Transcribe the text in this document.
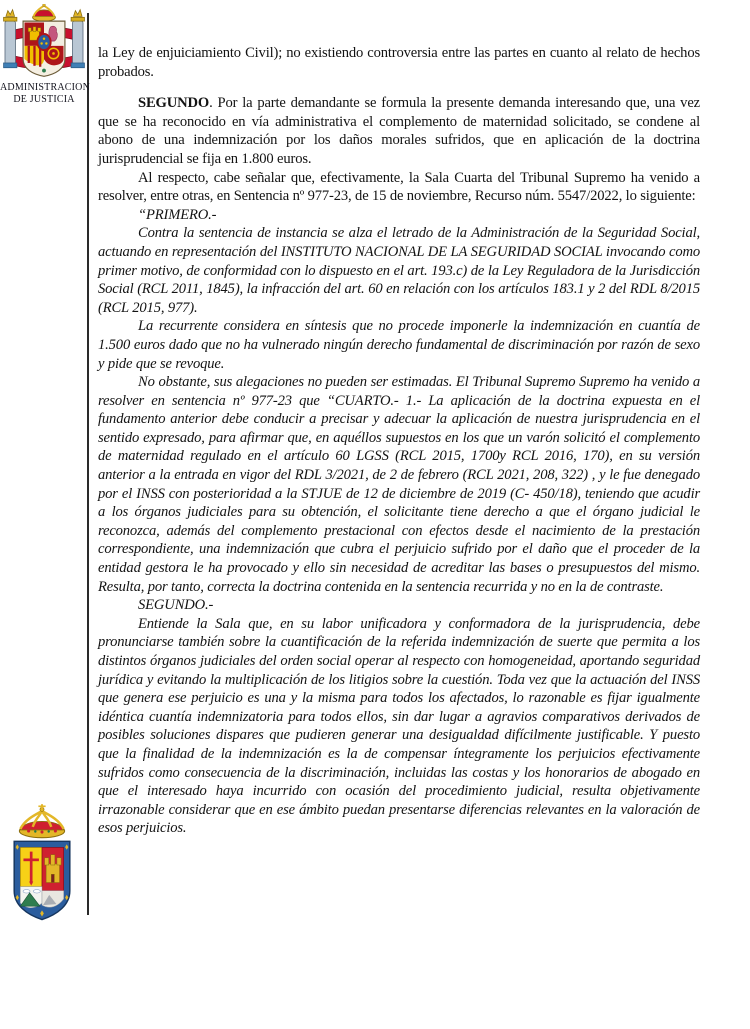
ADMINISTRACION
DE JUSTICIA

la Ley de enjuiciamiento Civil); no existiendo controversia entre las partes en cuanto al relato de hechos probados.

SEGUNDO. Por la parte demandante se formula la presente demanda interesando que, una vez que se ha reconocido en vía administrativa el complemento de maternidad solicitado, se condene al abono de una indemnización por los daños morales sufridos, que en aplicación de la doctrina jurisprudencial se fija en 1.800 euros.

Al respecto, cabe señalar que, efectivamente, la Sala Cuarta del Tribunal Supremo ha venido a resolver, entre otras, en Sentencia nº 977-23, de 15 de noviembre, Recurso núm. 5547/2022, lo siguiente:

“PRIMERO.-

Contra la sentencia de instancia se alza el letrado de la Administración de la Seguridad Social, actuando en representación del INSTITUTO NACIONAL DE LA SEGURIDAD SOCIAL invocando como primer motivo, de conformidad con lo dispuesto en el art. 193.c) de la Ley Reguladora de la Jurisdicción Social (RCL 2011, 1845), la infracción del art. 60 en relación con los artículos 183.1 y 2 del RDL 8/2015 (RCL 2015, 977).

La recurrente considera en síntesis que no procede imponerle la indemnización en cuantía de 1.500 euros dado que no ha vulnerado ningún derecho fundamental de discriminación por razón de sexo y pide que se revoque.

No obstante, sus alegaciones no pueden ser estimadas. El Tribunal Supremo Supremo ha venido a resolver en sentencia nº 977-23 que “CUARTO.- 1.- La aplicación de la doctrina expuesta en el fundamento anterior debe conducir a precisar y adecuar la aplicación de nuestra jurisprudencia en el sentido expresado, para afirmar que, en aquéllos supuestos en los que un varón solicitó el complemento de maternidad regulado en el artículo 60 LGSS (RCL 2015, 1700y RCL 2016, 170), en su versión anterior a la entrada en vigor del RDL 3/2021, de 2 de febrero (RCL 2021, 208, 322) , y le fue denegado por el INSS con posterioridad a la STJUE de 12 de diciembre de 2019 (C- 450/18), teniendo que acudir a los órganos judiciales para su obtención, el solicitante tiene derecho a que el órgano judicial le reconozca, además del complemento prestacional con efectos desde el nacimiento de la prestación correspondiente, una indemnización que cubra el perjuicio sufrido por el daño que el proceder de la entidad gestora le ha provocado y ello sin necesidad de acreditar las bases o presupuestos del mismo. Resulta, por tanto, correcta la doctrina contenida en la sentencia recurrida y no en la de contraste.

SEGUNDO.-

Entiende la Sala que, en su labor unificadora y conformadora de la jurisprudencia, debe pronunciarse también sobre la cuantificación de la referida indemnización de suerte que permita a los distintos órganos judiciales del orden social operar al respecto con homogeneidad, aportando seguridad jurídica y evitando la multiplicación de los litigios sobre la cuestión. Toda vez que la actuación del INSS que genera ese perjuicio es una y la misma para todos los afectados, lo razonable es fijar igualmente idéntica cuantía indemnizatoria para todos ellos, sin dar lugar a agravios comparativos derivados de posibles soluciones dispares que pudieren generar una desigualdad difícilmente justificable. Y puesto que la finalidad de la indemnización es la de compensar íntegramente los perjuicios efectivamente sufridos como consecuencia de la discriminación, incluidas las costas y los honorarios de abogado en que el interesado haya incurrido con ocasión del procedimiento judicial, resulta objetivamente irrazonable considerar que en ese ámbito puedan presentarse diferencias relevantes en la valoración de esos perjuicios.
